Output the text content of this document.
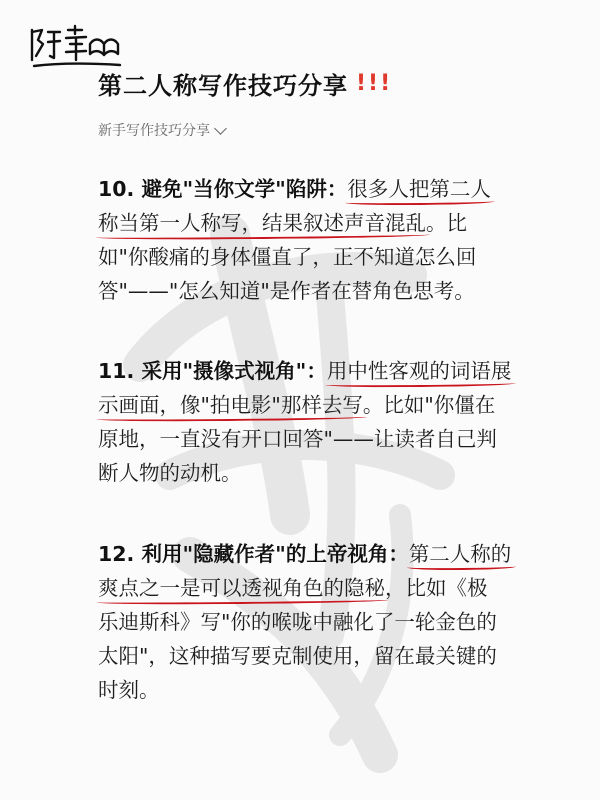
第二人称写作技巧分享 ! ! !
新手写作技巧分享
10. 避免"当你文学"陷阱：很多人把第二人
称当第一人称写，结果叙述声音混乱。比
如"你酸痛的身体僵直了，正不知道怎么回
答"——"怎么知道"是作者在替角色思考。
11. 采用"摄像式视角"：用中性客观的词语展
示画面，像"拍电影"那样去写。比如"你僵在
原地，一直没有开口回答"——让读者自己判
断人物的动机。
12. 利用"隐藏作者"的上帝视角：第二人称的
爽点之一是可以透视角色的隐秘，比如《极
乐迪斯科》写"你的喉咙中融化了一轮金色的
太阳"，这种描写要克制使用，留在最关键的
时刻。
